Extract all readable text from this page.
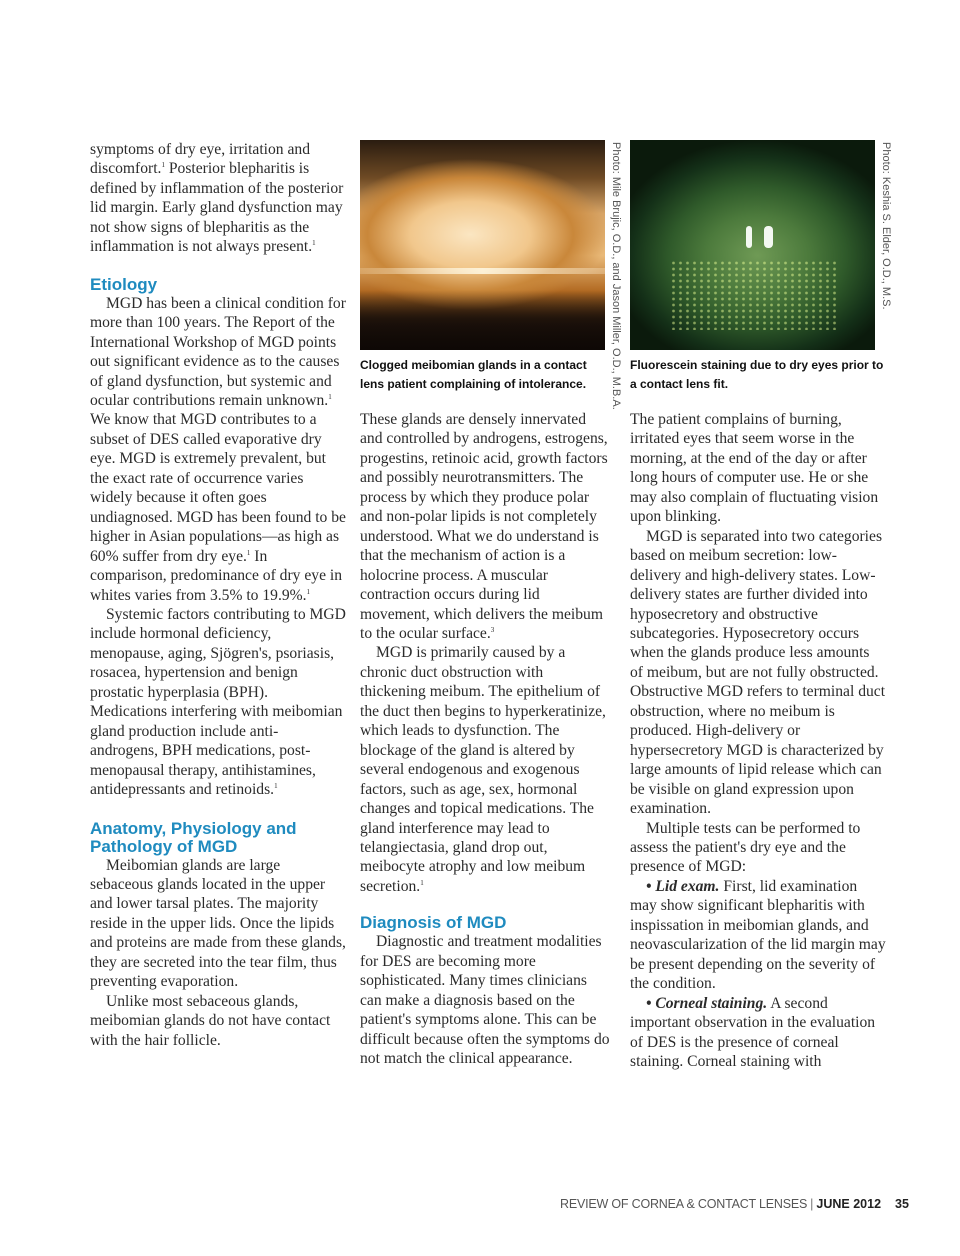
symptoms of dry eye, irritation and discomfort.$^1$ Posterior blepharitis is defined by inflammation of the posterior lid margin. Early gland dysfunction may not show signs of blepharitis as the inflammation is not always present.$^1$

Etiology

MGD has been a clinical condition for more than 100 years. The Report of the International Workshop of MGD points out significant evidence as to the causes of gland dysfunction, but systemic and ocular contributions remain unknown.$^1$ We know that MGD contributes to a subset of DES called evaporative dry eye. MGD is extremely prevalent, but the exact rate of occurrence varies widely because it often goes undiagnosed. MGD has been found to be higher in Asian populations—as high as 60% suffer from dry eye.$^1$ In comparison, predominance of dry eye in whites varies from 3.5% to 19.9%.$^1$

Systemic factors contributing to MGD include hormonal deficiency, menopause, aging, Sjögren's, psoriasis, rosacea, hypertension and benign prostatic hyperplasia (BPH). Medications interfering with meibomian gland production include anti-androgens, BPH medications, post-menopausal therapy, antihistamines, antidepressants and retinoids.$^1$

Anatomy, Physiology and
Pathology of MGD

Meibomian glands are large sebaceous glands located in the upper and lower tarsal plates. The majority reside in the upper lids. Once the lipids and proteins are made from these glands, they are secreted into the tear film, thus preventing evaporation.

Unlike most sebaceous glands, meibomian glands do not have contact with the hair follicle.

Photo: Mile Brujic, O.D., and Jason Miller, O.D., M.B.A.
Clogged meibomian glands in a contact lens patient complaining of intolerance.
Photo: Keshia S. Elder, O.D., M.S.
Fluorescein staining due to dry eyes prior to a contact lens fit.

These glands are densely innervated and controlled by androgens, estrogens, progestins, retinoic acid, growth factors and possibly neurotransmitters. The process by which they produce polar and non-polar lipids is not completely understood. What we do understand is that the mechanism of action is a holocrine process. A muscular contraction occurs during lid movement, which delivers the meibum to the ocular surface.$^3$

MGD is primarily caused by a chronic duct obstruction with thickening meibum. The epithelium of the duct then begins to hyperkeratinize, which leads to dysfunction. The blockage of the gland is altered by several endogenous and exogenous factors, such as age, sex, hormonal changes and topical medications. The gland interference may lead to telangiectasia, gland drop out, meibocyte atrophy and low meibum secretion.$^1$

Diagnosis of MGD

Diagnostic and treatment modalities for DES are becoming more sophisticated. Many times clinicians can make a diagnosis based on the patient's symptoms alone. This can be difficult because often the symptoms do not match the clinical appearance.

The patient complains of burning, irritated eyes that seem worse in the morning, at the end of the day or after long hours of computer use. He or she may also complain of fluctuating vision upon blinking.

MGD is separated into two categories based on meibum secretion: low-delivery and high-delivery states. Low-delivery states are further divided into hyposecretory and obstructive subcategories. Hyposecretory occurs when the glands produce less amounts of meibum, but are not fully obstructed. Obstructive MGD refers to terminal duct obstruction, where no meibum is produced. High-delivery or hypersecretory MGD is characterized by large amounts of lipid release which can be visible on gland expression upon examination.

Multiple tests can be performed to assess the patient's dry eye and the presence of MGD:

• Lid exam. First, lid examination may show significant blepharitis with inspissation in meibomian glands, and neovascularization of the lid margin may be present depending on the severity of the condition.

• Corneal staining. A second important observation in the evaluation of DES is the presence of corneal staining. Corneal staining with

REVIEW OF CORNEA & CONTACT LENSES | JUNE 2012 35
